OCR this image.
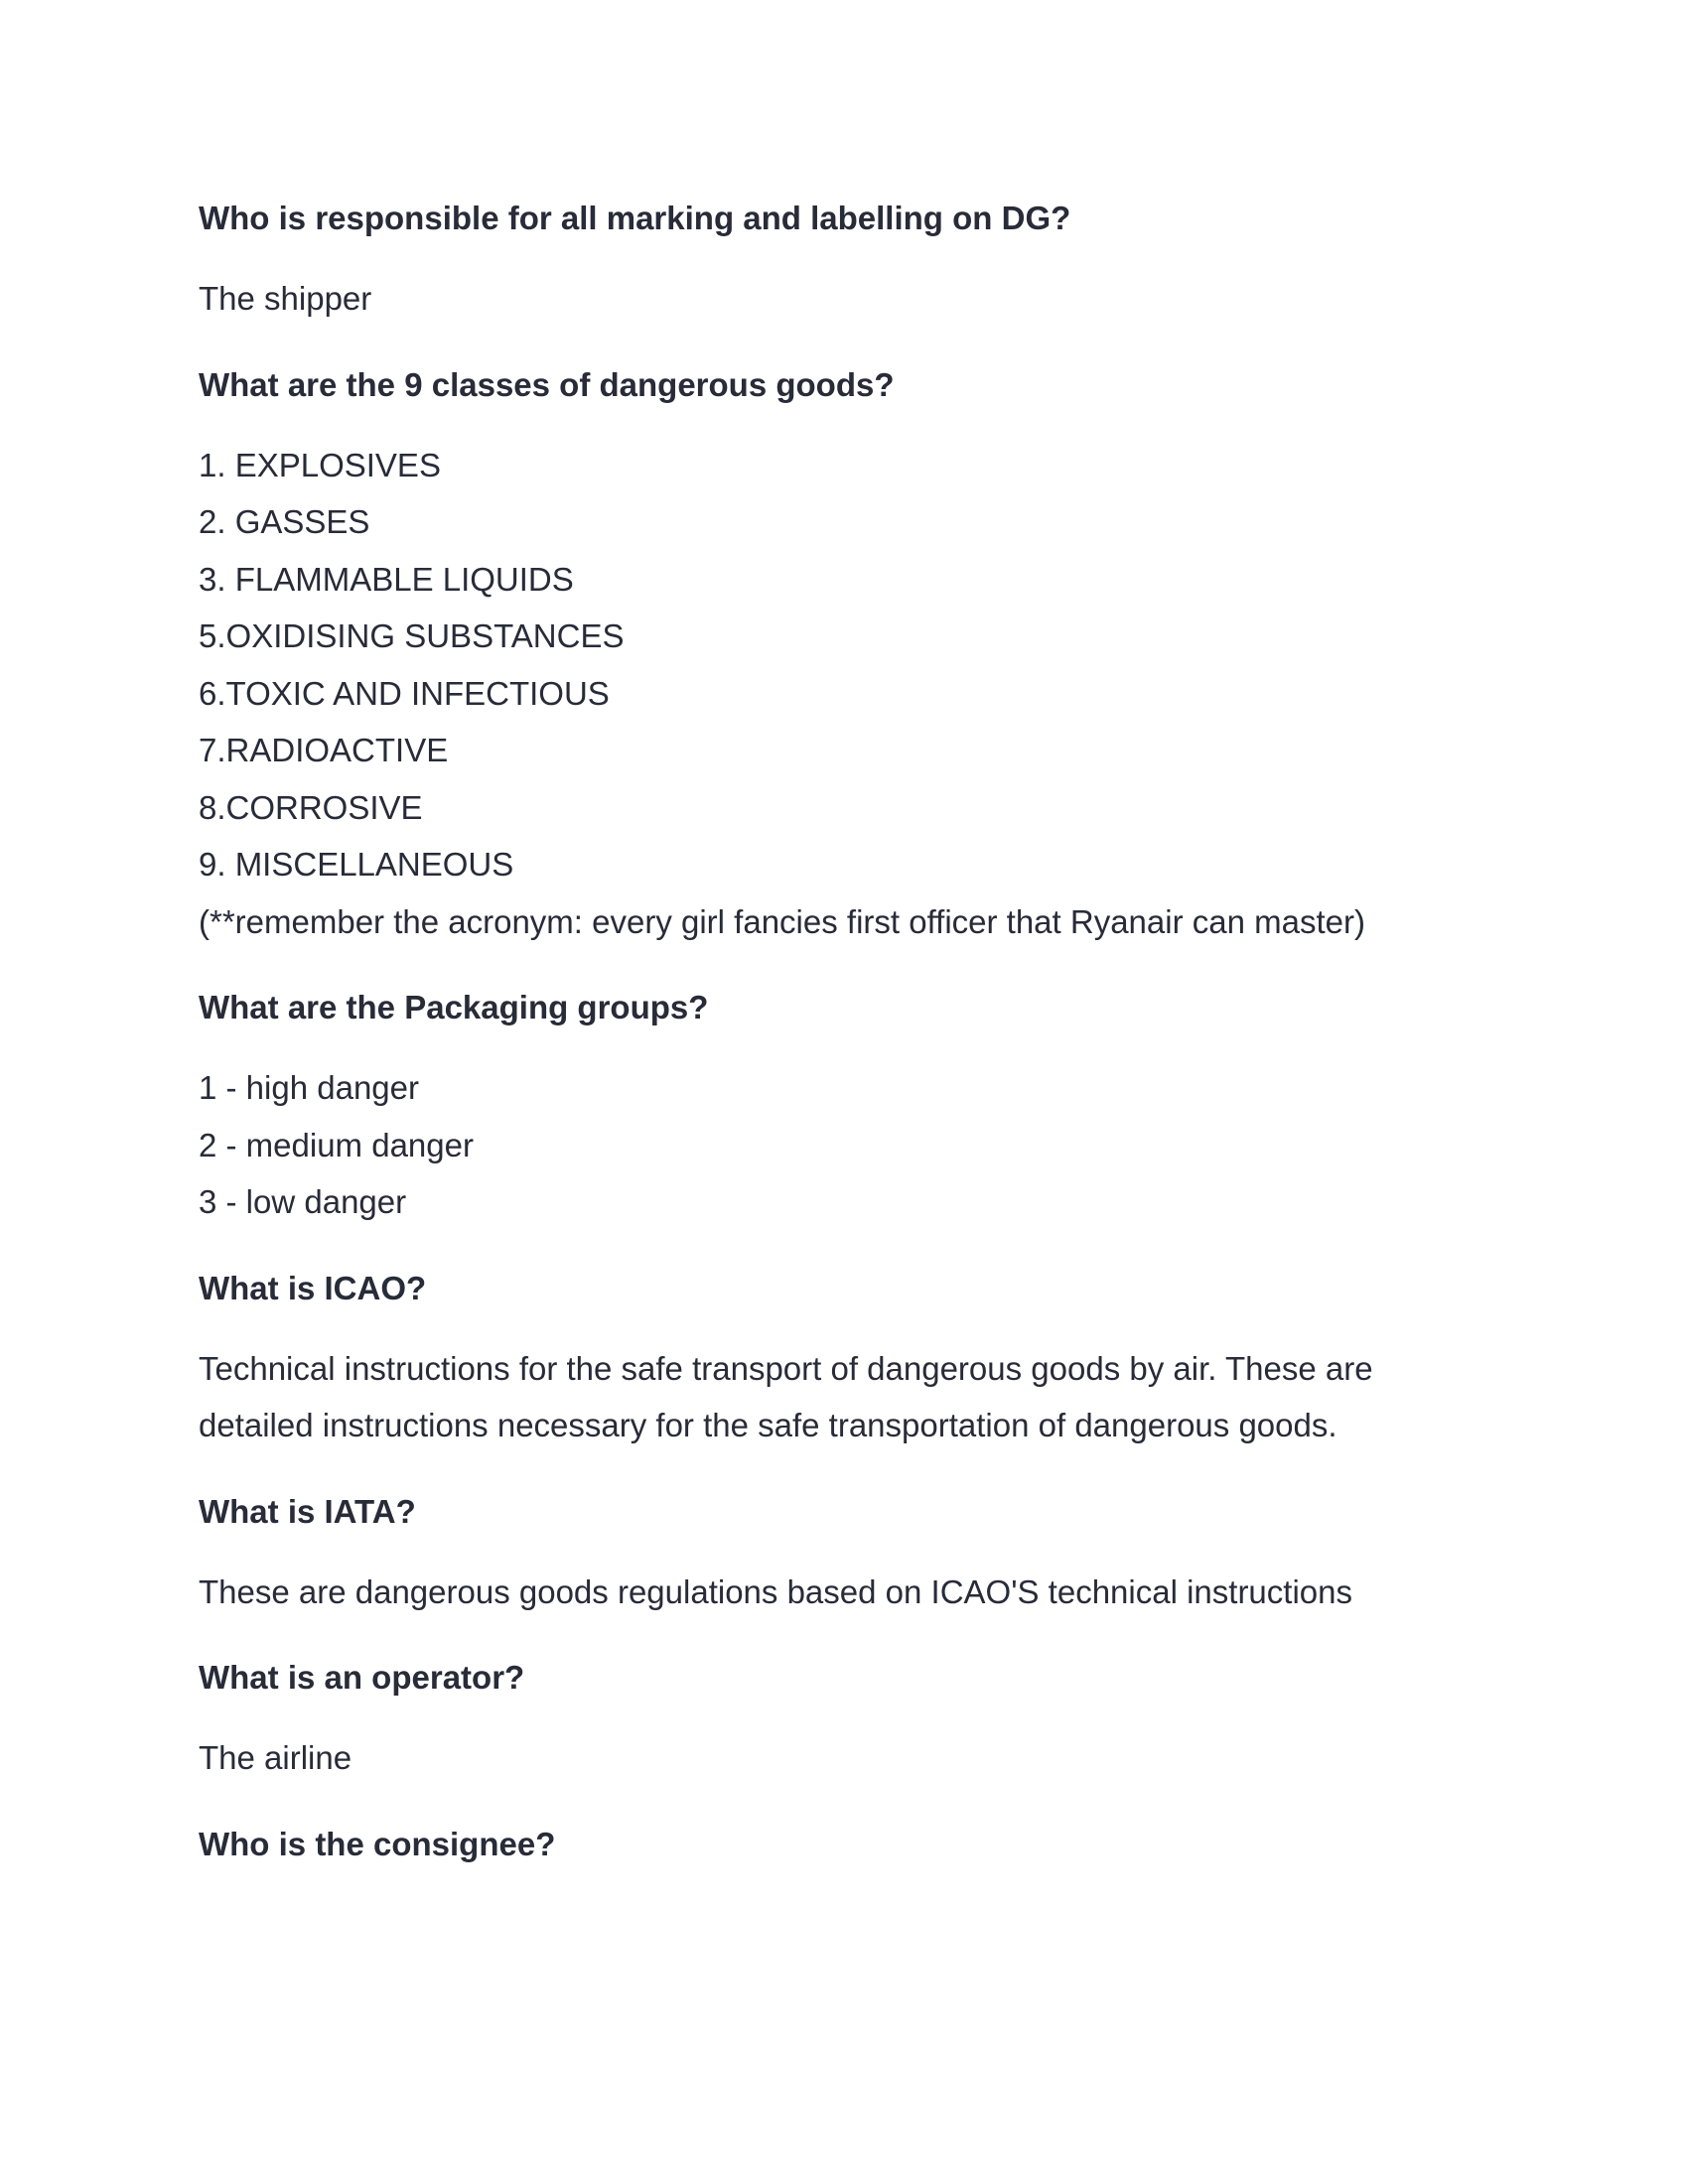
Who is responsible for all marking and labelling on DG?

The shipper

What are the 9 classes of dangerous goods?

1. EXPLOSIVES
2. GASSES
3. FLAMMABLE LIQUIDS
5.OXIDISING SUBSTANCES
6.TOXIC AND INFECTIOUS
7.RADIOACTIVE
8.CORROSIVE
9. MISCELLANEOUS
(**remember the acronym: every girl fancies first officer that Ryanair can master)

What are the Packaging groups?

1 - high danger
2 - medium danger
3 - low danger

What is ICAO?

Technical instructions for the safe transport of dangerous goods by air. These are
detailed instructions necessary for the safe transportation of dangerous goods.

What is IATA?

These are dangerous goods regulations based on ICAO'S technical instructions

What is an operator?

The airline

Who is the consignee?
